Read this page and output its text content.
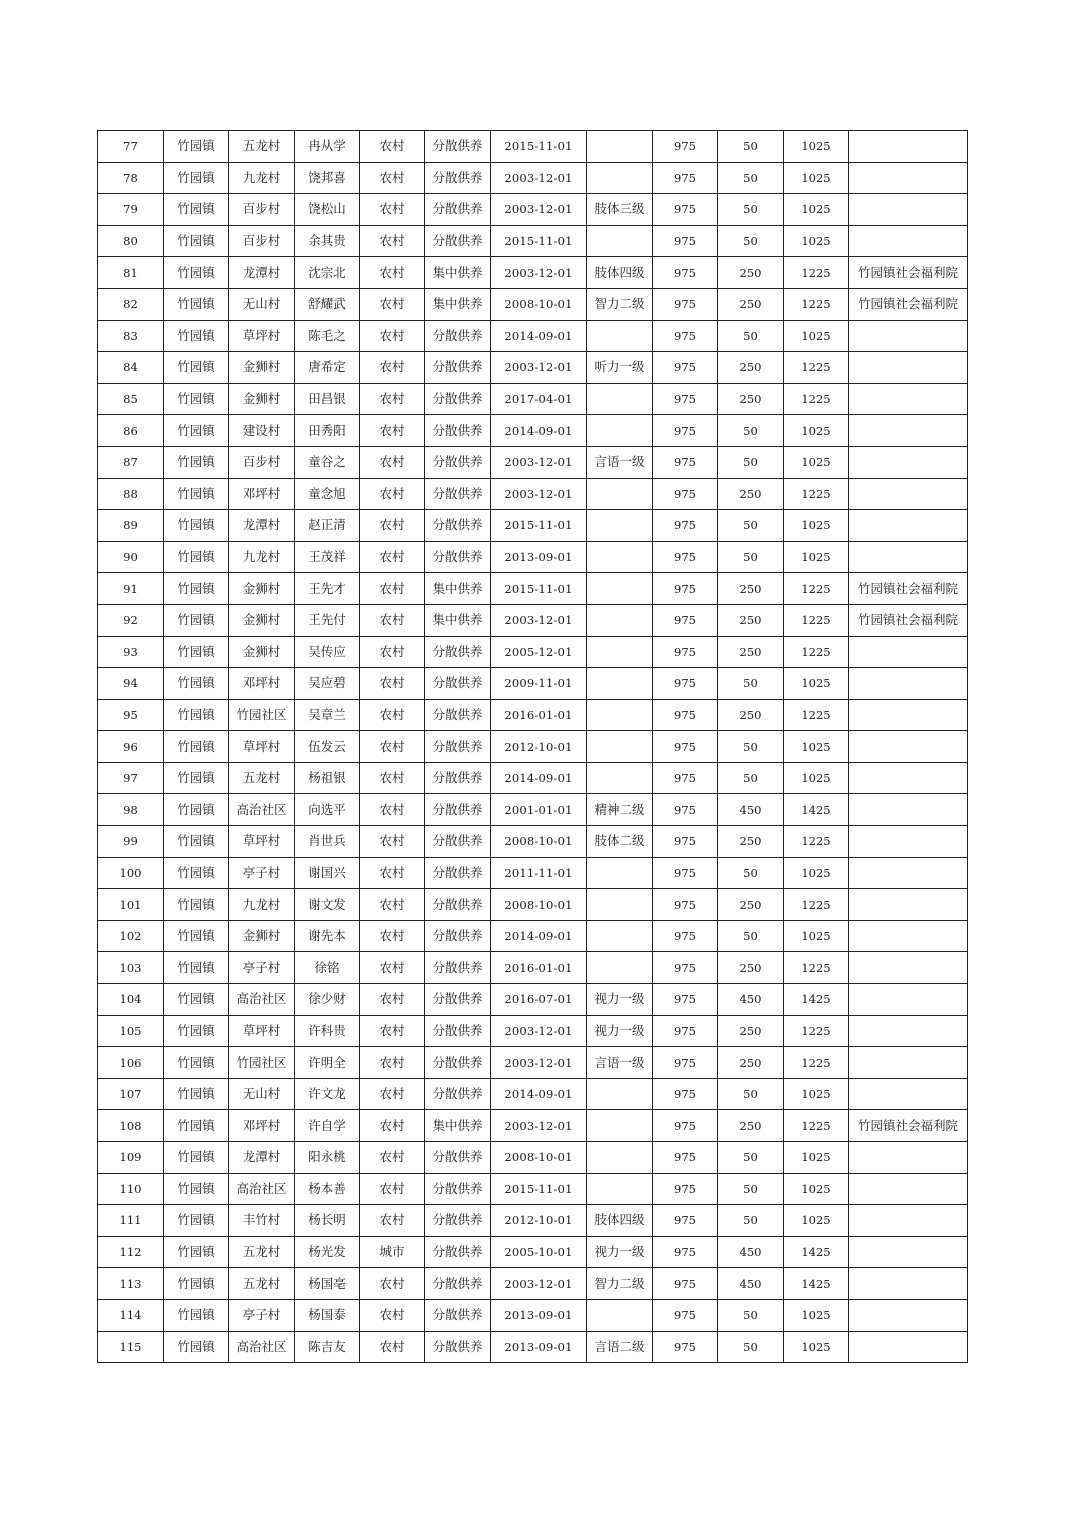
77	竹园镇	五龙村	冉从学	农村	分散供养	2015-11-01		975	50	1025	
78	竹园镇	九龙村	饶邦喜	农村	分散供养	2003-12-01		975	50	1025	
79	竹园镇	百步村	饶松山	农村	分散供养	2003-12-01	肢体三级	975	50	1025	
80	竹园镇	百步村	余其贵	农村	分散供养	2015-11-01		975	50	1025	
81	竹园镇	龙潭村	沈宗北	农村	集中供养	2003-12-01	肢体四级	975	250	1225	竹园镇社会福利院
82	竹园镇	无山村	舒耀武	农村	集中供养	2008-10-01	智力二级	975	250	1225	竹园镇社会福利院
83	竹园镇	草坪村	陈毛之	农村	分散供养	2014-09-01		975	50	1025	
84	竹园镇	金狮村	唐希定	农村	分散供养	2003-12-01	听力一级	975	250	1225	
85	竹园镇	金狮村	田昌银	农村	分散供养	2017-04-01		975	250	1225	
86	竹园镇	建设村	田秀阳	农村	分散供养	2014-09-01		975	50	1025	
87	竹园镇	百步村	童谷之	农村	分散供养	2003-12-01	言语一级	975	50	1025	
88	竹园镇	邓坪村	童念旭	农村	分散供养	2003-12-01		975	250	1225	
89	竹园镇	龙潭村	赵正清	农村	分散供养	2015-11-01		975	50	1025	
90	竹园镇	九龙村	王茂祥	农村	分散供养	2013-09-01		975	50	1025	
91	竹园镇	金狮村	王先才	农村	集中供养	2015-11-01		975	250	1225	竹园镇社会福利院
92	竹园镇	金狮村	王先付	农村	集中供养	2003-12-01		975	250	1225	竹园镇社会福利院
93	竹园镇	金狮村	吴传应	农村	分散供养	2005-12-01		975	250	1225	
94	竹园镇	邓坪村	吴应碧	农村	分散供养	2009-11-01		975	50	1025	
95	竹园镇	竹园社区	吴章兰	农村	分散供养	2016-01-01		975	250	1225	
96	竹园镇	草坪村	伍发云	农村	分散供养	2012-10-01		975	50	1025	
97	竹园镇	五龙村	杨祖银	农村	分散供养	2014-09-01		975	50	1025	
98	竹园镇	高治社区	向选平	农村	分散供养	2001-01-01	精神二级	975	450	1425	
99	竹园镇	草坪村	肖世兵	农村	分散供养	2008-10-01	肢体二级	975	250	1225	
100	竹园镇	亭子村	谢国兴	农村	分散供养	2011-11-01		975	50	1025	
101	竹园镇	九龙村	谢文发	农村	分散供养	2008-10-01		975	250	1225	
102	竹园镇	金狮村	谢先本	农村	分散供养	2014-09-01		975	50	1025	
103	竹园镇	亭子村	徐铭	农村	分散供养	2016-01-01		975	250	1225	
104	竹园镇	高治社区	徐少财	农村	分散供养	2016-07-01	视力一级	975	450	1425	
105	竹园镇	草坪村	许科贵	农村	分散供养	2003-12-01	视力一级	975	250	1225	
106	竹园镇	竹园社区	许明全	农村	分散供养	2003-12-01	言语一级	975	250	1225	
107	竹园镇	无山村	许文龙	农村	分散供养	2014-09-01		975	50	1025	
108	竹园镇	邓坪村	许自学	农村	集中供养	2003-12-01		975	250	1225	竹园镇社会福利院
109	竹园镇	龙潭村	阳永桃	农村	分散供养	2008-10-01		975	50	1025	
110	竹园镇	高治社区	杨本善	农村	分散供养	2015-11-01		975	50	1025	
111	竹园镇	丰竹村	杨长明	农村	分散供养	2012-10-01	肢体四级	975	50	1025	
112	竹园镇	五龙村	杨光发	城市	分散供养	2005-10-01	视力一级	975	450	1425	
113	竹园镇	五龙村	杨国亳	农村	分散供养	2003-12-01	智力二级	975	450	1425	
114	竹园镇	亭子村	杨国泰	农村	分散供养	2013-09-01		975	50	1025	
115	竹园镇	高治社区	陈吉友	农村	分散供养	2013-09-01	言语二级	975	50	1025	
